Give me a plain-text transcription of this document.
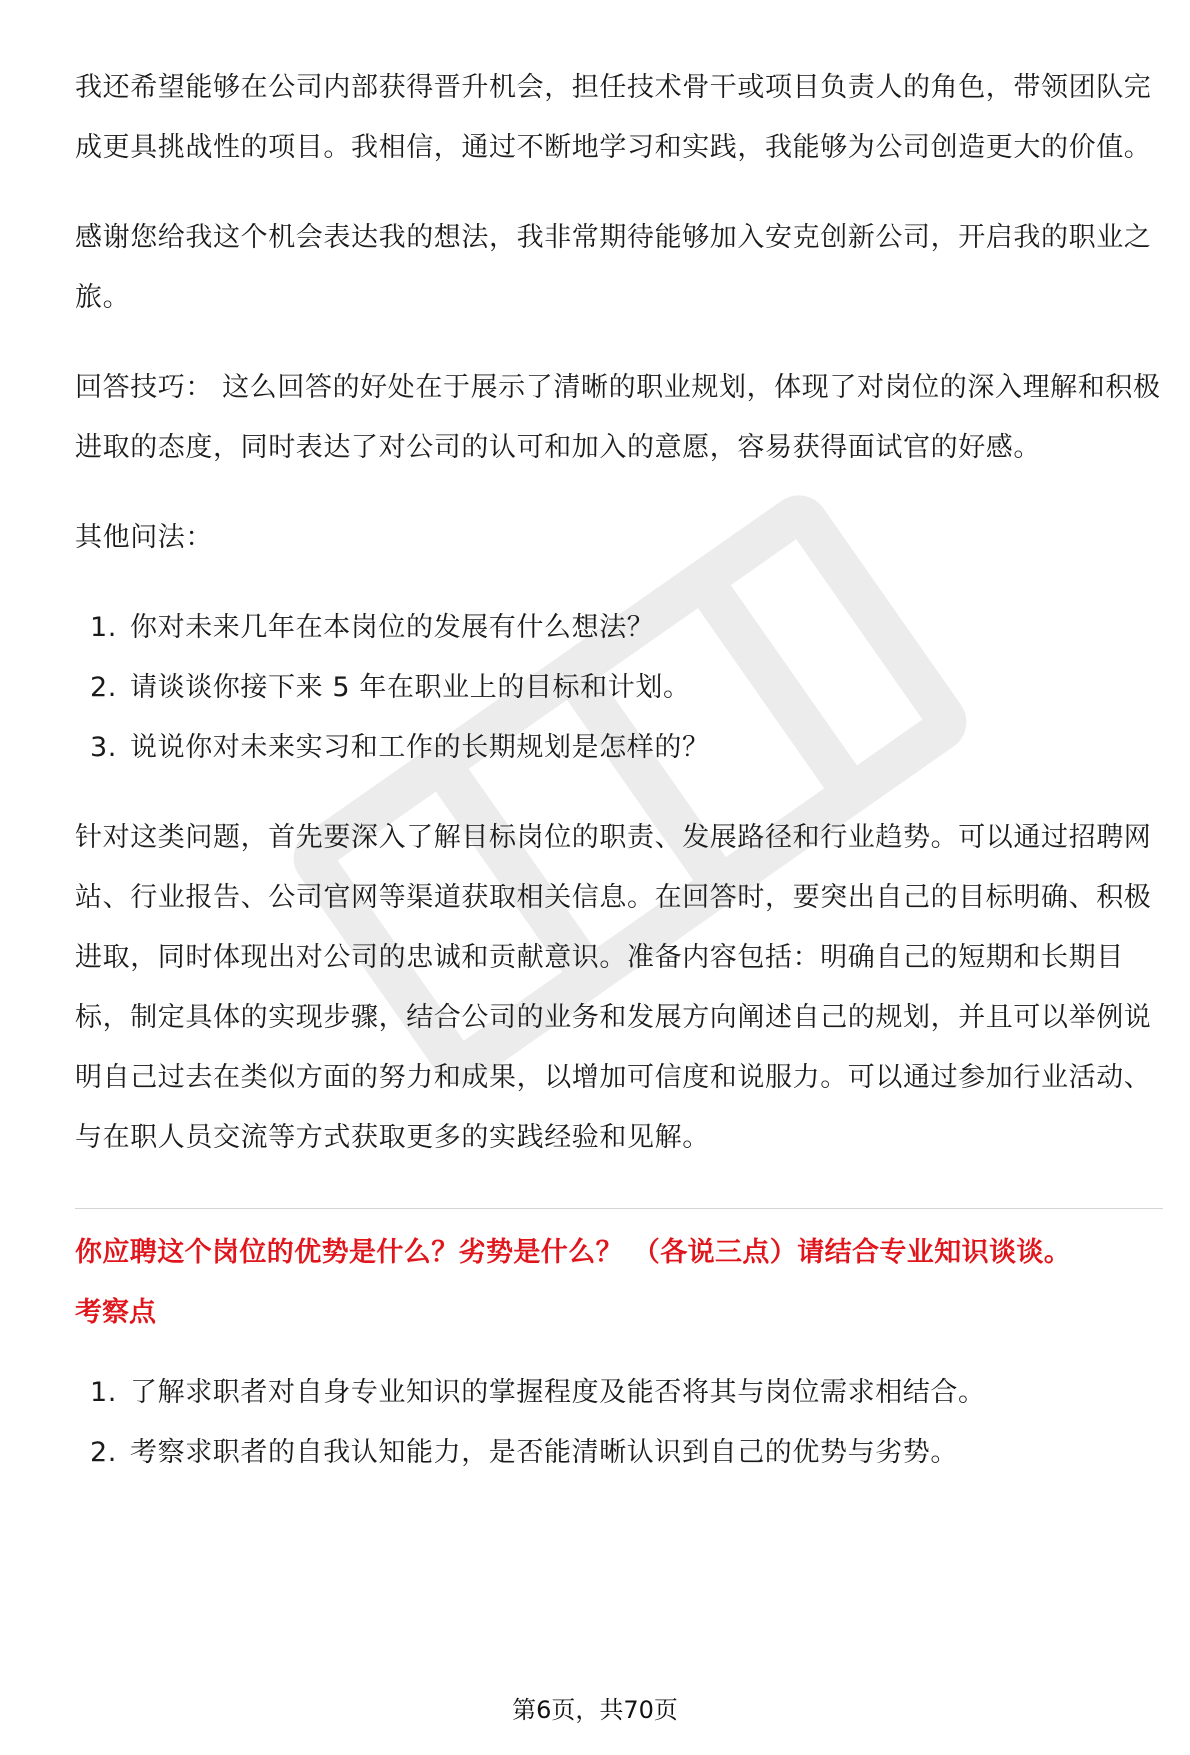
我还希望能够在公司内部获得晋升机会，担任技术骨干或项目负责人的角色，带领团队完成更具挑战性的项目。我相信，通过不断地学习和实践，我能够为公司创造更大的价值。

感谢您给我这个机会表达我的想法，我非常期待能够加入安克创新公司，开启我的职业之旅。

回答技巧： 这么回答的好处在于展示了清晰的职业规划，体现了对岗位的深入理解和积极进取的态度，同时表达了对公司的认可和加入的意愿，容易获得面试官的好感。

其他问法：

1. 你对未来几年在本岗位的发展有什么想法？
2. 请谈谈你接下来 5 年在职业上的目标和计划。
3. 说说你对未来实习和工作的长期规划是怎样的？

针对这类问题，首先要深入了解目标岗位的职责、发展路径和行业趋势。可以通过招聘网站、行业报告、公司官网等渠道获取相关信息。在回答时，要突出自己的目标明确、积极进取，同时体现出对公司的忠诚和贡献意识。准备内容包括：明确自己的短期和长期目标，制定具体的实现步骤，结合公司的业务和发展方向阐述自己的规划，并且可以举例说明自己过去在类似方面的努力和成果，以增加可信度和说服力。可以通过参加行业活动、与在职人员交流等方式获取更多的实践经验和见解。

你应聘这个岗位的优势是什么？劣势是什么？ （各说三点）请结合专业知识谈谈。

考察点

1. 了解求职者对自身专业知识的掌握程度及能否将其与岗位需求相结合。
2. 考察求职者的自我认知能力，是否能清晰认识到自己的优势与劣势。
第6页，共70页
